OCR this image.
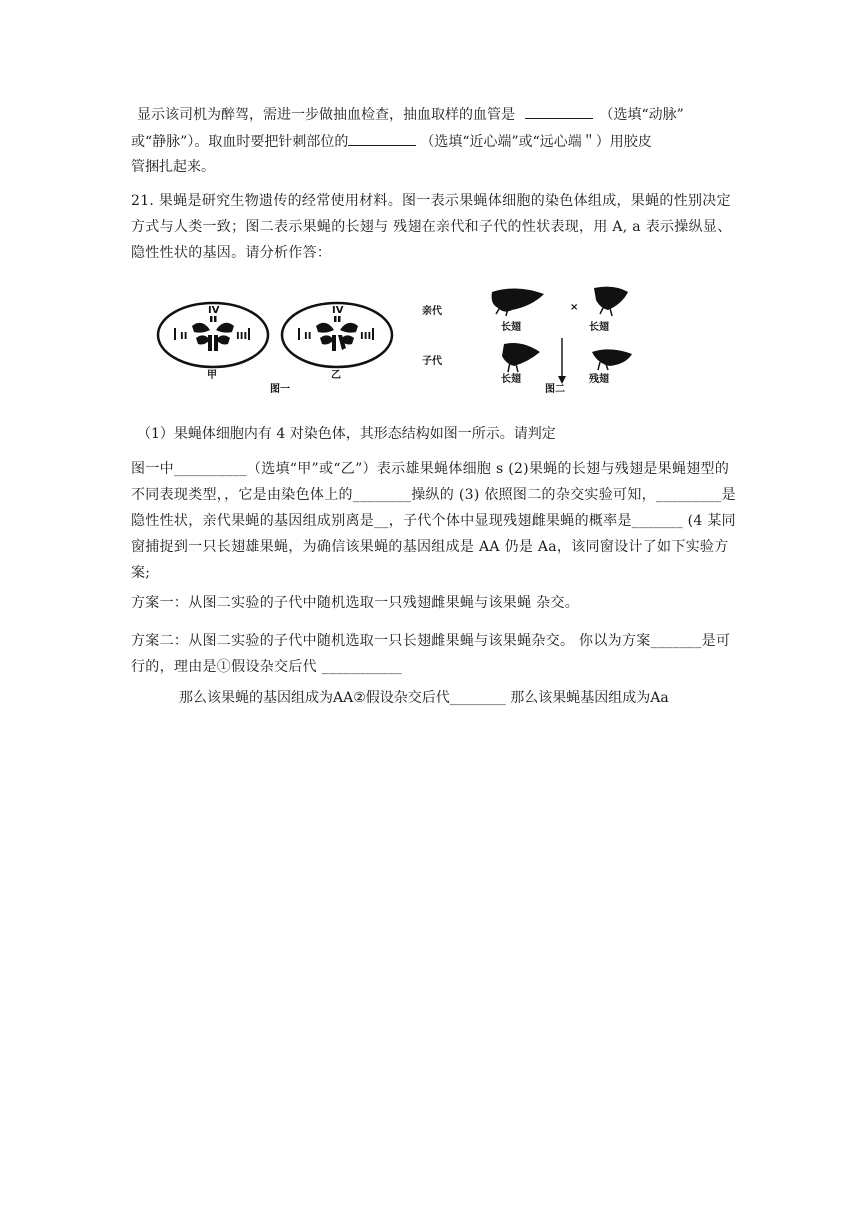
显示该司机为醉驾，需进一步做抽血检查，抽血取样的血管是	（选填“动脉”
或“静脉”）。取血时要把针刺部位的	（选填“近心端”或“远心端＂）用胶皮
管捆扎起来。
21. 果蝇是研究生物遗传的经常使用材料。图一表示果蝇体细胞的染色体组成，果蝇的性别决定方式与人类一致；图二表示果蝇的长翅与 残翅在亲代和子代的性状表现，用 A, a 表示操纵显、隐性性状的基因。请分析作答：
IV
II	III
甲
IV
II	III
乙
图一
亲代
子代
长翅
×
长翅
长翅	残翅
图二
（1）果蝇体细胞内有 4 对染色体，其形态结构如图一所示。请判定
图一中__________（选填“甲”或“乙”）表示雄果蝇体细胞 s (2)果蝇的长翅与残翅是果蝇翅型的不同表现类型，，它是由染色体上的________操纵的 (3) 依照图二的杂交实验可知，_________是隐性性状，亲代果蝇的基因组成别离是__，子代个体中显现残翅雌果蝇的概率是_______ (4 某同窗捕捉到一只长翅雄果蝇，为确信该果蝇的基因组成是 AA 仍是 Aa，该同窗设计了如下实验方案;
方案一：从图二实验的子代中随机选取一只残翅雌果蝇与该果蝇 杂交。
方案二：从图二实验的子代中随机选取一只长翅雌果蝇与该果蝇杂交。 你以为方案_______是可行的，理由是①假设杂交后代 ___________
那么该果蝇的基因组成为AA②假设杂交后代________ 那么该果蝇基因组成为Aa
